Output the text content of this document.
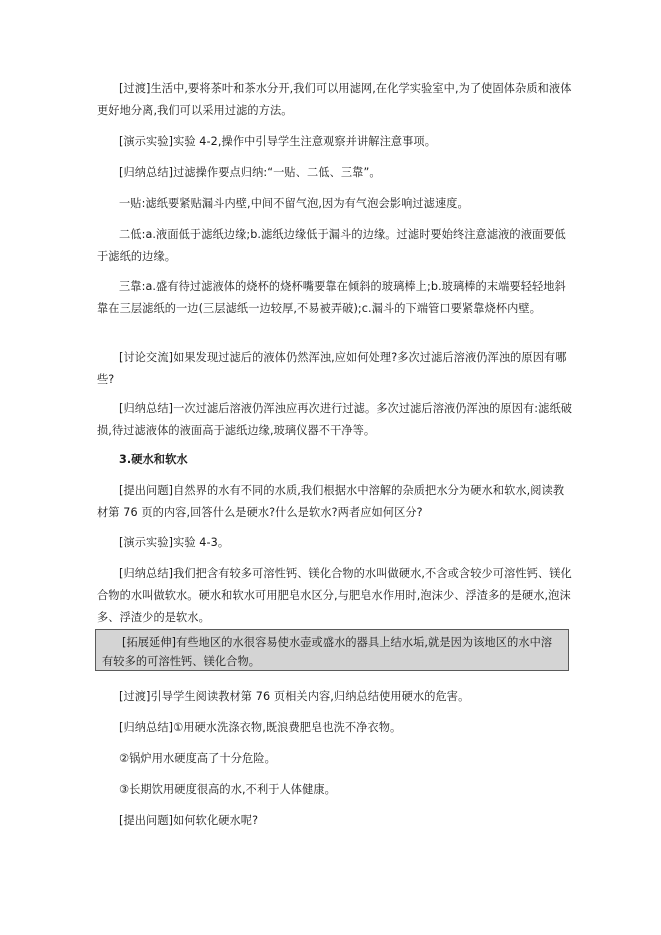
[过渡]生活中,要将茶叶和茶水分开,我们可以用滤网,在化学实验室中,为了使固体杂质和液体更好地分离,我们可以采用过滤的方法。

[演示实验]实验 4-2,操作中引导学生注意观察并讲解注意事项。

[归纳总结]过滤操作要点归纳:“一贴、二低、三靠”。

一贴:滤纸要紧贴漏斗内壁,中间不留气泡,因为有气泡会影响过滤速度。

二低:a.液面低于滤纸边缘;b.滤纸边缘低于漏斗的边缘。过滤时要始终注意滤液的液面要低于滤纸的边缘。

三靠:a.盛有待过滤液体的烧杯的烧杯嘴要靠在倾斜的玻璃棒上;b.玻璃棒的末端要轻轻地斜靠在三层滤纸的一边(三层滤纸一边较厚,不易被弄破);c.漏斗的下端管口要紧靠烧杯内壁。

[讨论交流]如果发现过滤后的液体仍然浑浊,应如何处理?多次过滤后溶液仍浑浊的原因有哪些?

[归纳总结]一次过滤后溶液仍浑浊应再次进行过滤。多次过滤后溶液仍浑浊的原因有:滤纸破损,待过滤液体的液面高于滤纸边缘,玻璃仪器不干净等。

3.硬水和软水

[提出问题]自然界的水有不同的水质,我们根据水中溶解的杂质把水分为硬水和软水,阅读教材第 76 页的内容,回答什么是硬水?什么是软水?两者应如何区分?

[演示实验]实验 4-3。

[归纳总结]我们把含有较多可溶性钙、镁化合物的水叫做硬水,不含或含较少可溶性钙、镁化合物的水叫做软水。硬水和软水可用肥皂水区分,与肥皂水作用时,泡沫少、浮渣多的是硬水,泡沫多、浮渣少的是软水。

[拓展延伸]有些地区的水很容易使水壶或盛水的器具上结水垢,就是因为该地区的水中溶有较多的可溶性钙、镁化合物。

[过渡]引导学生阅读教材第 76 页相关内容,归纳总结使用硬水的危害。

[归纳总结]①用硬水洗涤衣物,既浪费肥皂也洗不净衣物。

②锅炉用水硬度高了十分危险。

③长期饮用硬度很高的水,不利于人体健康。

[提出问题]如何软化硬水呢?
